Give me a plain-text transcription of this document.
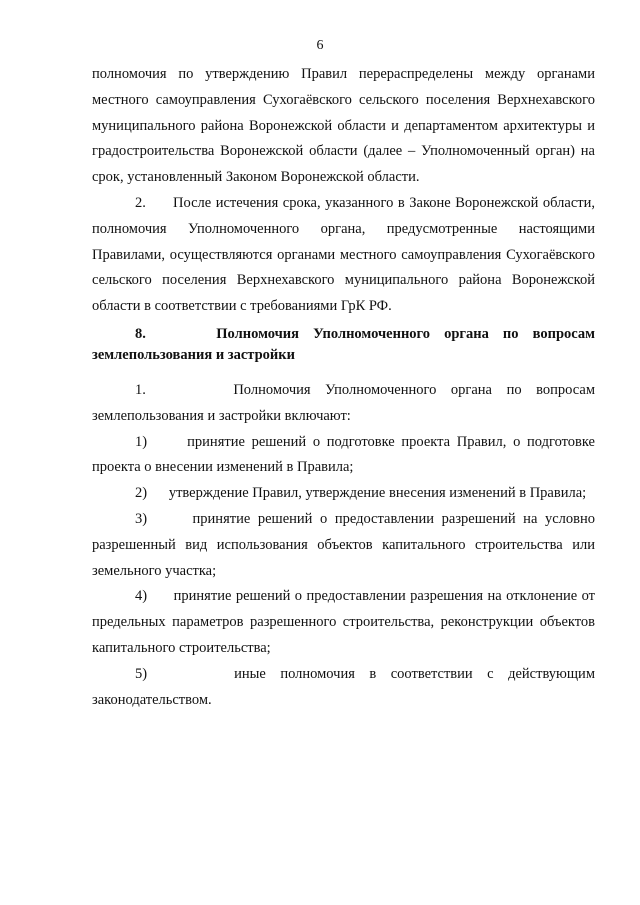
6

полномочия по утверждению Правил перераспределены между органами местного самоуправления Сухогаёвского сельского поселения Верхнехавского муниципального района Воронежской области и департаментом архитектуры и градостроительства Воронежской области (далее – Уполномоченный орган) на срок, установленный Законом Воронежской области.

2.      После истечения срока, указанного в Законе Воронежской области, полномочия Уполномоченного органа, предусмотренные настоящими Правилами, осуществляются органами местного самоуправления Сухогаёвского сельского поселения Верхнехавского муниципального района Воронежской области в соответствии с требованиями ГрК РФ.

8.     Полномочия Уполномоченного органа по вопросам землепользования и застройки

1.      Полномочия Уполномоченного органа по вопросам землепользования и застройки включают:

1)      принятие решений о подготовке проекта Правил, о подготовке проекта о внесении изменений в Правила;

2)      утверждение Правил, утверждение внесения изменений в Правила;

3)      принятие решений о предоставлении разрешений на условно разрешенный вид использования объектов капитального строительства или земельного участка;

4)      принятие решений о предоставлении разрешения на отклонение от предельных параметров разрешенного строительства, реконструкции объектов капитального строительства;

5)      иные полномочия в соответствии с действующим законодательством.
